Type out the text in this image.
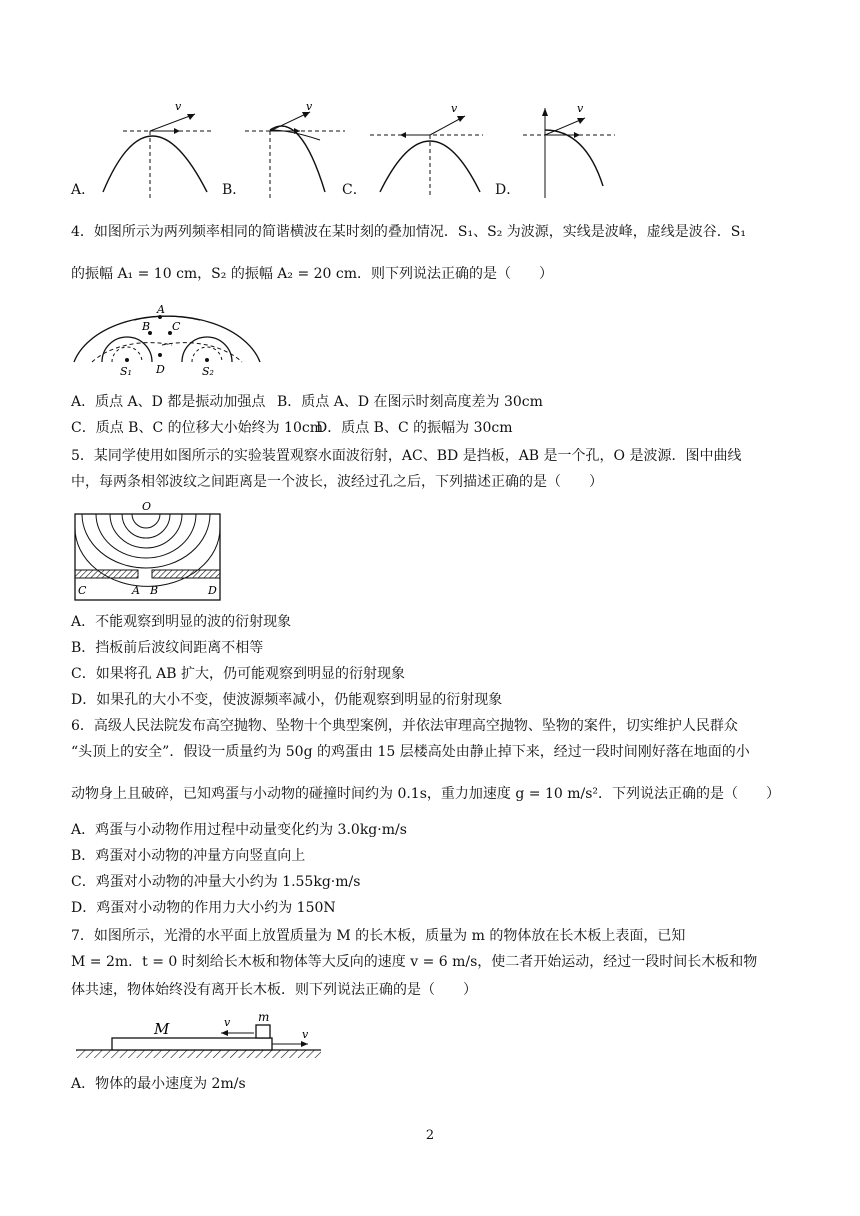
v
A．
v
B．
v
C．
v
D．
4．如图所示为两列频率相同的简谐横波在某时刻的叠加情况．S₁、S₂ 为波源，实线是波峰，虚线是波谷．S₁
的振幅 A₁ = 10 cm，S₂ 的振幅 A₂ = 20 cm．则下列说法正确的是（　　）
A
B C
D
S₁	S₂
A．质点 A、D 都是振动加强点 B．质点 A、D 在图示时刻高度差为 30cm
C．质点 B、C 的位移大小始终为 10cm
D．质点 B、C 的振幅为 30cm
5．某同学使用如图所示的实验装置观察水面波衍射，AC、BD 是挡板，AB 是一个孔，O 是波源．图中曲线
中，每两条相邻波纹之间距离是一个波长，波经过孔之后，下列描述正确的是（　　）
O
C	A B	D
A．不能观察到明显的波的衍射现象
B．挡板前后波纹间距离不相等
C．如果将孔 AB 扩大，仍可能观察到明显的衍射现象
D．如果孔的大小不变，使波源频率减小，仍能观察到明显的衍射现象
6．高级人民法院发布高空抛物、坠物十个典型案例，并依法审理高空抛物、坠物的案件，切实维护人民群众
“头顶上的安全”．假设一质量约为 50g 的鸡蛋由 15 层楼高处由静止掉下来，经过一段时间刚好落在地面的小
动物身上且破碎，已知鸡蛋与小动物的碰撞时间约为 0.1s，重力加速度 g = 10 m/s²．下列说法正确的是（　　）
A．鸡蛋与小动物作用过程中动量变化约为 3.0kg·m/s
B．鸡蛋对小动物的冲量方向竖直向上
C．鸡蛋对小动物的冲量大小约为 1.55kg·m/s
D．鸡蛋对小动物的作用力大小约为 150N
7．如图所示，光滑的水平面上放置质量为 M 的长木板，质量为 m 的物体放在长木板上表面，已知
M = 2m．t = 0 时刻给长木板和物体等大反向的速度 v = 6 m/s，使二者开始运动，经过一段时间长木板和物
体共速，物体始终没有离开长木板．则下列说法正确的是（　　）
M
m
v
v
A．物体的最小速度为 2m/s
2
